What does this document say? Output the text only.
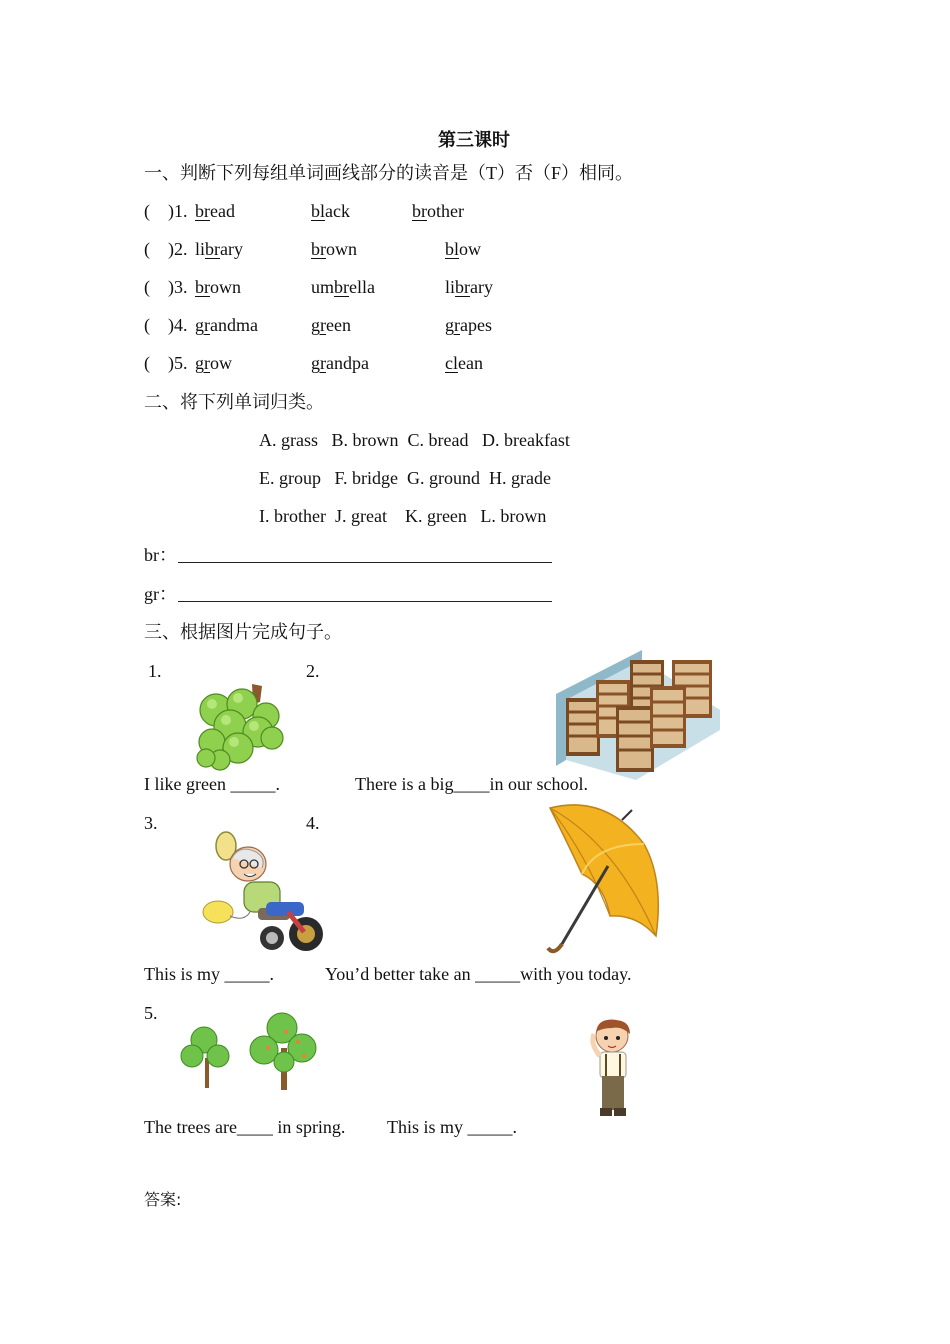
第三课时
一、判断下列每组单词画线部分的读音是（T）否（F）相同。
(    ) 1. bread	black	brother
(    ) 2. library	brown	blow
(    ) 3. brown	umbrella	library
(    ) 4. grandma	green	grapes
(    ) 5. grow	grandpa	clean
二、将下列单词归类。
A. grass   B. brown  C. bread   D. breakfast
E. group   F. bridge  G. ground  H. grade
I. brother  J. great    K. green   L. brown
br：
gr：
三、根据图片完成句子。
1.	2.
I like green _____.	There is a big____in our school.
3.	4.
This is my _____.	You’d better take an _____with you today.
5.
The trees are____ in spring. This is my _____.
答案:
